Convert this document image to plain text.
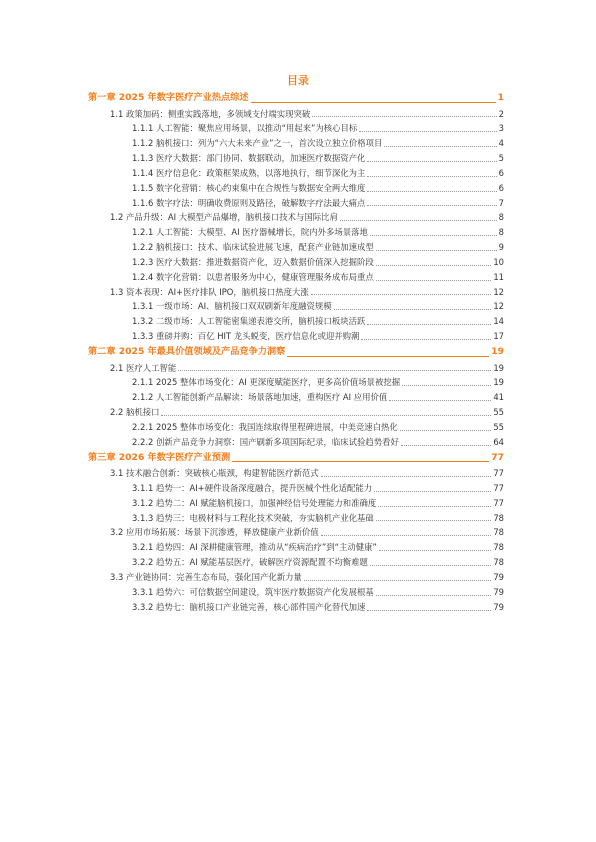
目录
第一章 2025 年数字医疗产业热点综述	1
1.1 政策加码：侧重实践落地，多领域支付端实现突破	2
1.1.1 人工智能：聚焦应用场景，以推动“用起来”为核心目标	3
1.1.2 脑机接口：列为“六大未来产业”之一，首次设立独立价格项目	4
1.1.3 医疗大数据：部门协同、数据联动，加速医疗数据资产化	5
1.1.4 医疗信息化：政策框架成熟，以落地执行，细节深化为主	6
1.1.5 数字化营销：核心约束集中在合规性与数据安全两大维度	6
1.1.6 数字疗法：明确收费原则及路径，破解数字疗法最大痛点	7
1.2 产品升级：AI 大模型产品爆增，脑机接口技术与国际比肩	8
1.2.1 人工智能：大模型、AI 医疗器械增长，院内外多场景落地	8
1.2.2 脑机接口：技术、临床试验进展飞速，配套产业链加速成型	9
1.2.3 医疗大数据：推进数据资产化，迈入数据价值深入挖掘阶段	10
1.2.4 数字化营销：以患者服务为中心，健康管理服务成布局重点	11
1.3 资本表现：AI+医疗排队 IPO，脑机接口热度大涨	12
1.3.1 一级市场：AI、脑机接口双双刷新年度融资规模	12
1.3.2 二级市场：人工智能密集递表港交所，脑机接口板块活跃	14
1.3.3 重磅并购：百亿 HIT 龙头蜕变，医疗信息化或迎并购潮	17
第二章 2025 年最具价值领域及产品竞争力洞察	19
2.1 医疗人工智能	19
2.1.1 2025 整体市场变化：AI 更深度赋能医疗，更多高价值场景被挖掘	19
2.1.2 人工智能创新产品解读：场景落地加速，重构医疗 AI 应用价值	41
2.2 脑机接口	55
2.2.1 2025 整体市场变化：我国连续取得里程碑进展，中美竞速白热化	55
2.2.2 创新产品竞争力洞察：国产刷新多项国际纪录，临床试验趋势看好	64
第三章 2026 年数字医疗产业预测	77
3.1 技术融合创新：突破核心瓶颈，构建智能医疗新范式	77
3.1.1 趋势一：AI+硬件设备深度融合，提升医械个性化适配能力	77
3.1.2 趋势二：AI 赋能脑机接口，加强神经信号处理能力和准确度	77
3.1.3 趋势三：电极材料与工程化技术突破，夯实脑机产业化基础	78
3.2 应用市场拓展：场景下沉渗透，释放健康产业新价值	78
3.2.1 趋势四：AI 深耕健康管理，推动从“疾病治疗”到“主动健康”	78
3.2.2 趋势五：AI 赋能基层医疗，破解医疗资源配置不均衡难题	78
3.3 产业链协同：完善生态布局，强化国产化新力量	79
3.3.1 趋势六：可信数据空间建设，筑牢医疗数据资产化发展根基	79
3.3.2 趋势七：脑机接口产业链完善，核心部件国产化替代加速	79
